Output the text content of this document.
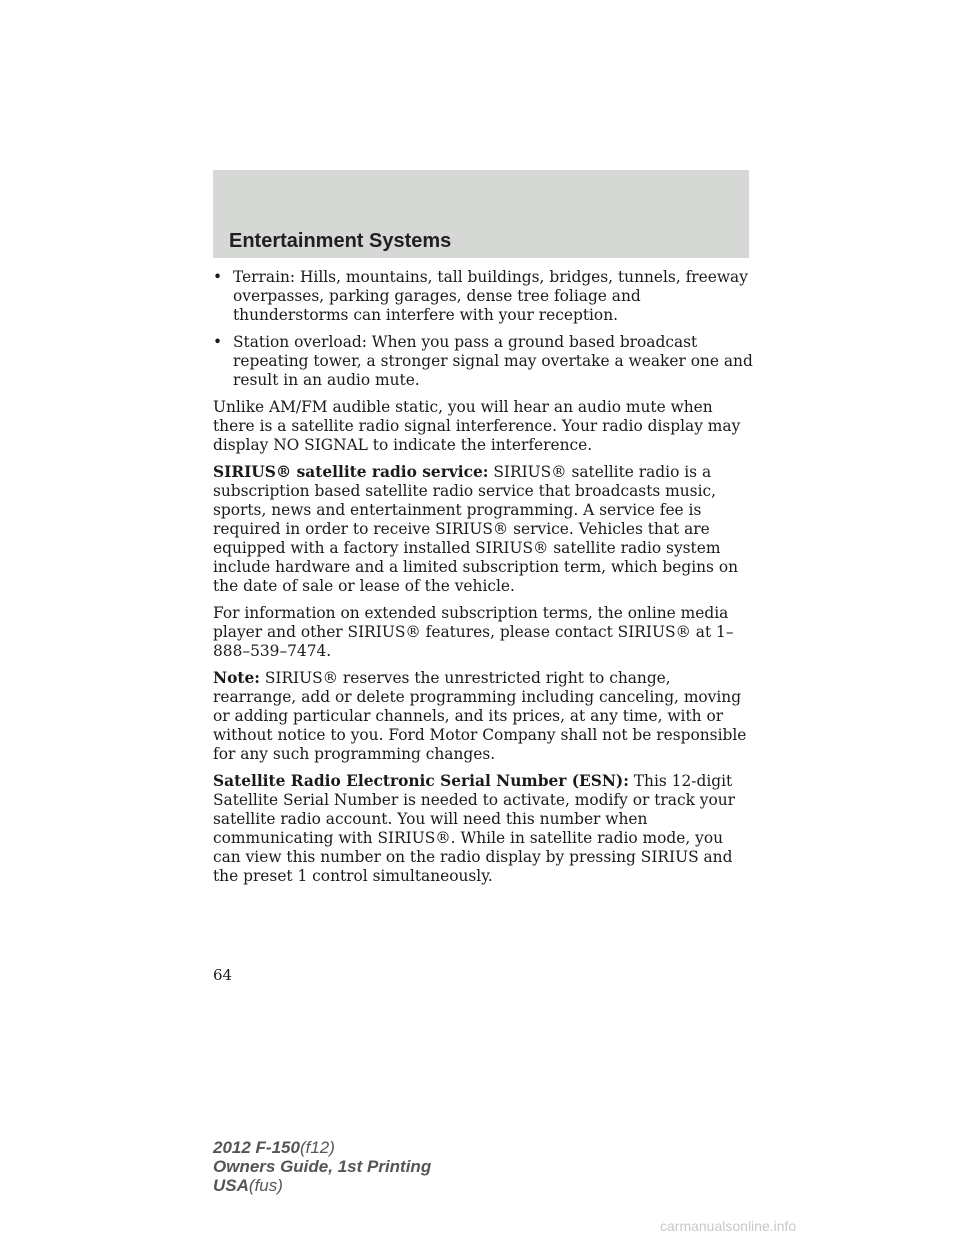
Entertainment Systems
• Terrain: Hills, mountains, tall buildings, bridges, tunnels, freeway overpasses, parking garages, dense tree foliage and thunderstorms can interfere with your reception.
• Station overload: When you pass a ground based broadcast repeating tower, a stronger signal may overtake a weaker one and result in an audio mute.

Unlike AM/FM audible static, you will hear an audio mute when there is a satellite radio signal interference. Your radio display may display NO SIGNAL to indicate the interference.

SIRIUS® satellite radio service: SIRIUS® satellite radio is a subscription based satellite radio service that broadcasts music, sports, news and entertainment programming. A service fee is required in order to receive SIRIUS® service. Vehicles that are equipped with a factory installed SIRIUS® satellite radio system include hardware and a limited subscription term, which begins on the date of sale or lease of the vehicle.

For information on extended subscription terms, the online media player and other SIRIUS® features, please contact SIRIUS® at 1–888–539–7474.

Note: SIRIUS® reserves the unrestricted right to change, rearrange, add or delete programming including canceling, moving or adding particular channels, and its prices, at any time, with or without notice to you. Ford Motor Company shall not be responsible for any such programming changes.

Satellite Radio Electronic Serial Number (ESN): This 12-digit Satellite Serial Number is needed to activate, modify or track your satellite radio account. You will need this number when communicating with SIRIUS®. While in satellite radio mode, you can view this number on the radio display by pressing SIRIUS and the preset 1 control simultaneously.

64
2012 F-150(f12)
Owners Guide, 1st Printing
USA(fus)
carmanualsonline.info
